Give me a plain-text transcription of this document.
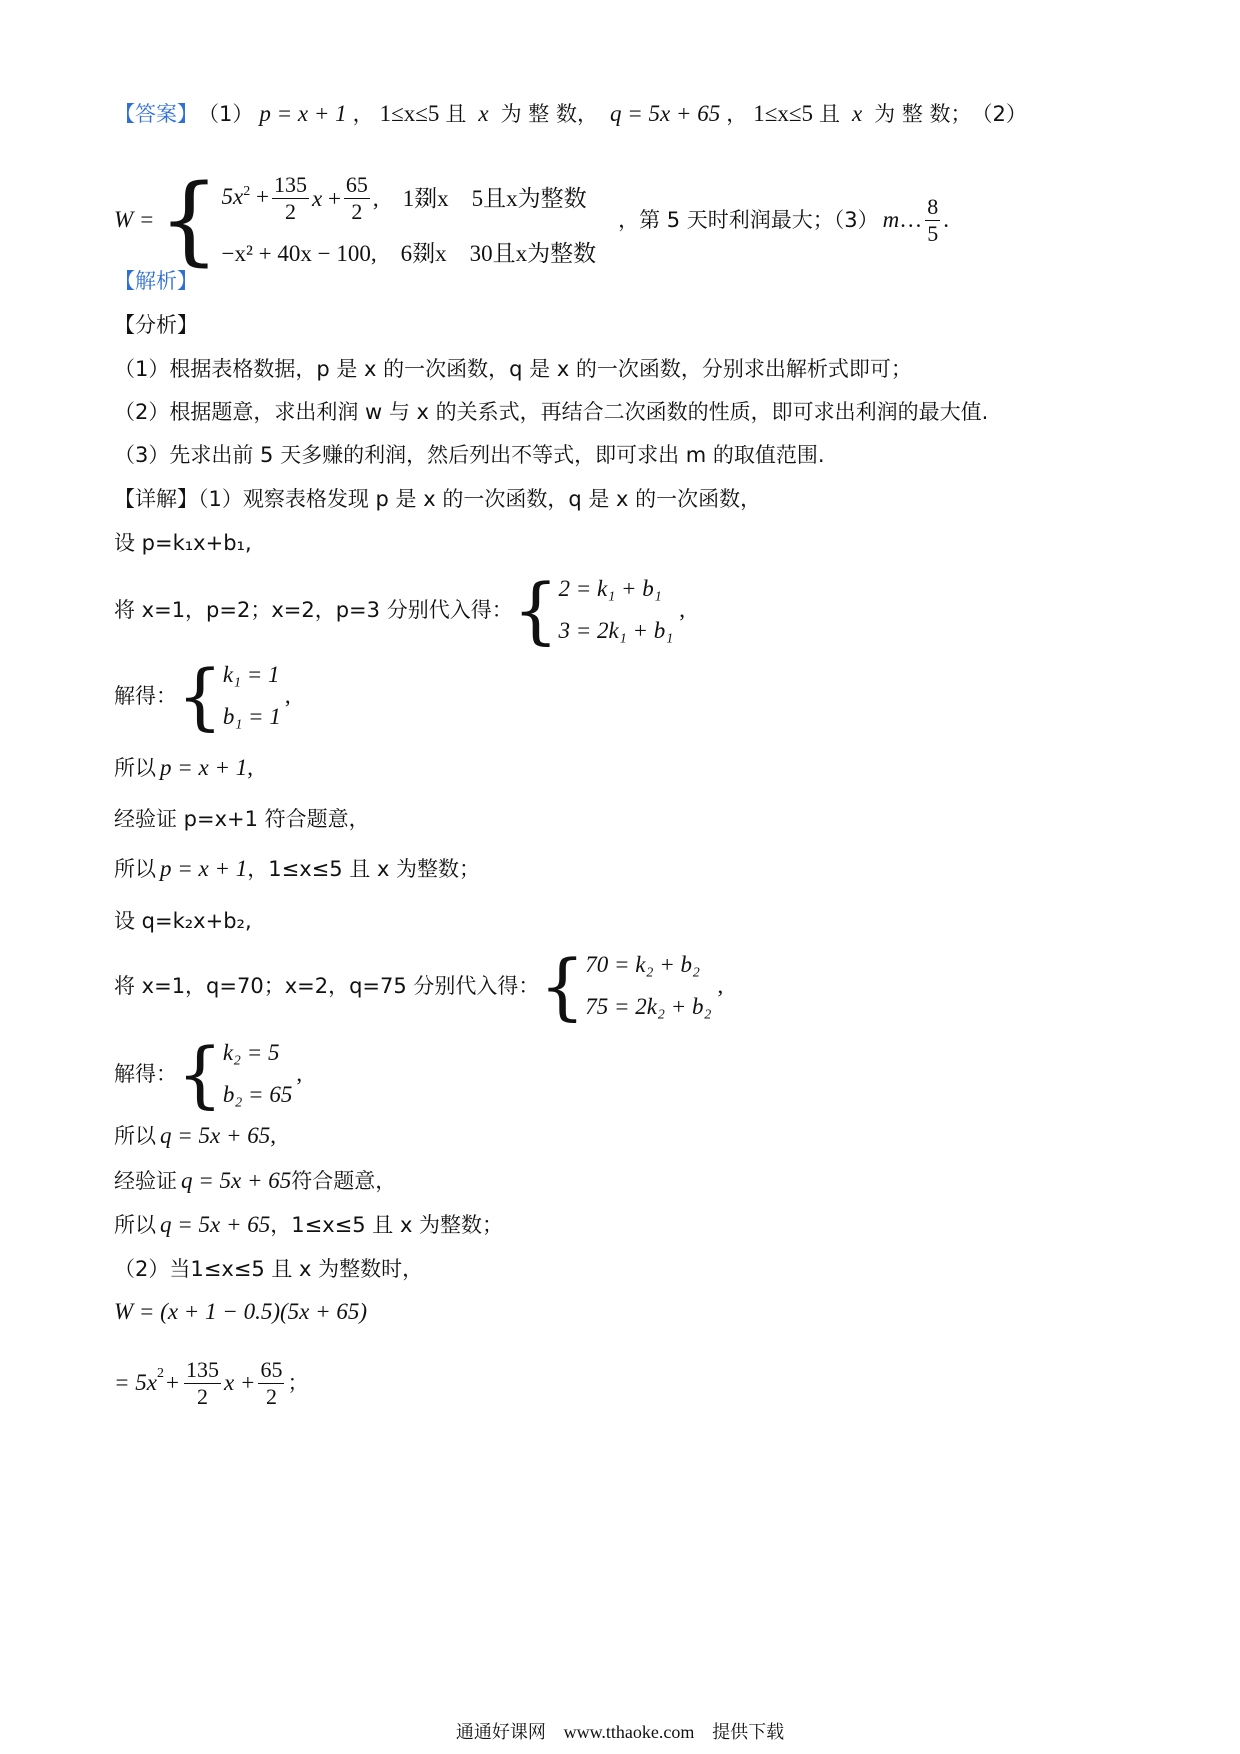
【答案】 （1） p = x + 1 ， 1≤x≤5 且 x 为 整 数， q = 5x + 65 ， 1≤x≤5 且 x 为 整 数； （2）
W = { $5x^2 + \frac{135}{2}$ $x + \frac{65}{2}$ , 1剟x　5且x为整数
−x² + 40x − 100, 6剟x　30且x为整数
，第 5 天时利润最大；（3） m … $\frac{8}{5}$ .
【解析】
【分析】
（1）根据表格数据，p 是 x 的一次函数，q 是 x 的一次函数，分别求出解析式即可；
（2）根据题意，求出利润 w 与 x 的关系式，再结合二次函数的性质，即可求出利润的最大值.
（3）先求出前 5 天多赚的利润，然后列出不等式，即可求出 m 的取值范围.
【详解】（1）观察表格发现 p 是 x 的一次函数，q 是 x 的一次函数，
设 p=k₁x+b₁,
将 x=1，p=2；x=2，p=3 分别代入得： { 2 = k₁ + b₁
3 = 2k₁ + b₁
,
解得： { k₁ = 1
b₁ = 1
,
所以 p = x + 1 ,
经验证 p=x+1 符合题意，
所以 p = x + 1 ，1≤x≤5 且 x 为整数；
设 q=k₂x+b₂,
将 x=1，q=70；x=2，q=75 分别代入得： { 70 = k₂ + b₂
75 = 2k₂ + b₂
,
解得： { k₂ = 5
b₂ = 65
,
所以 q = 5x + 65 ,
经验证 q = 5x + 65 符合题意，
所以 q = 5x + 65 ，1≤x≤5 且 x 为整数；
（2）当1≤x≤5 且 x 为整数时，
W = (x + 1 − 0.5)(5x + 65)
= 5x $2 + \frac{135}{2}$ $x + \frac{65}{2}$ ；
通通好课网 www.tthaoke.com 提供下载
